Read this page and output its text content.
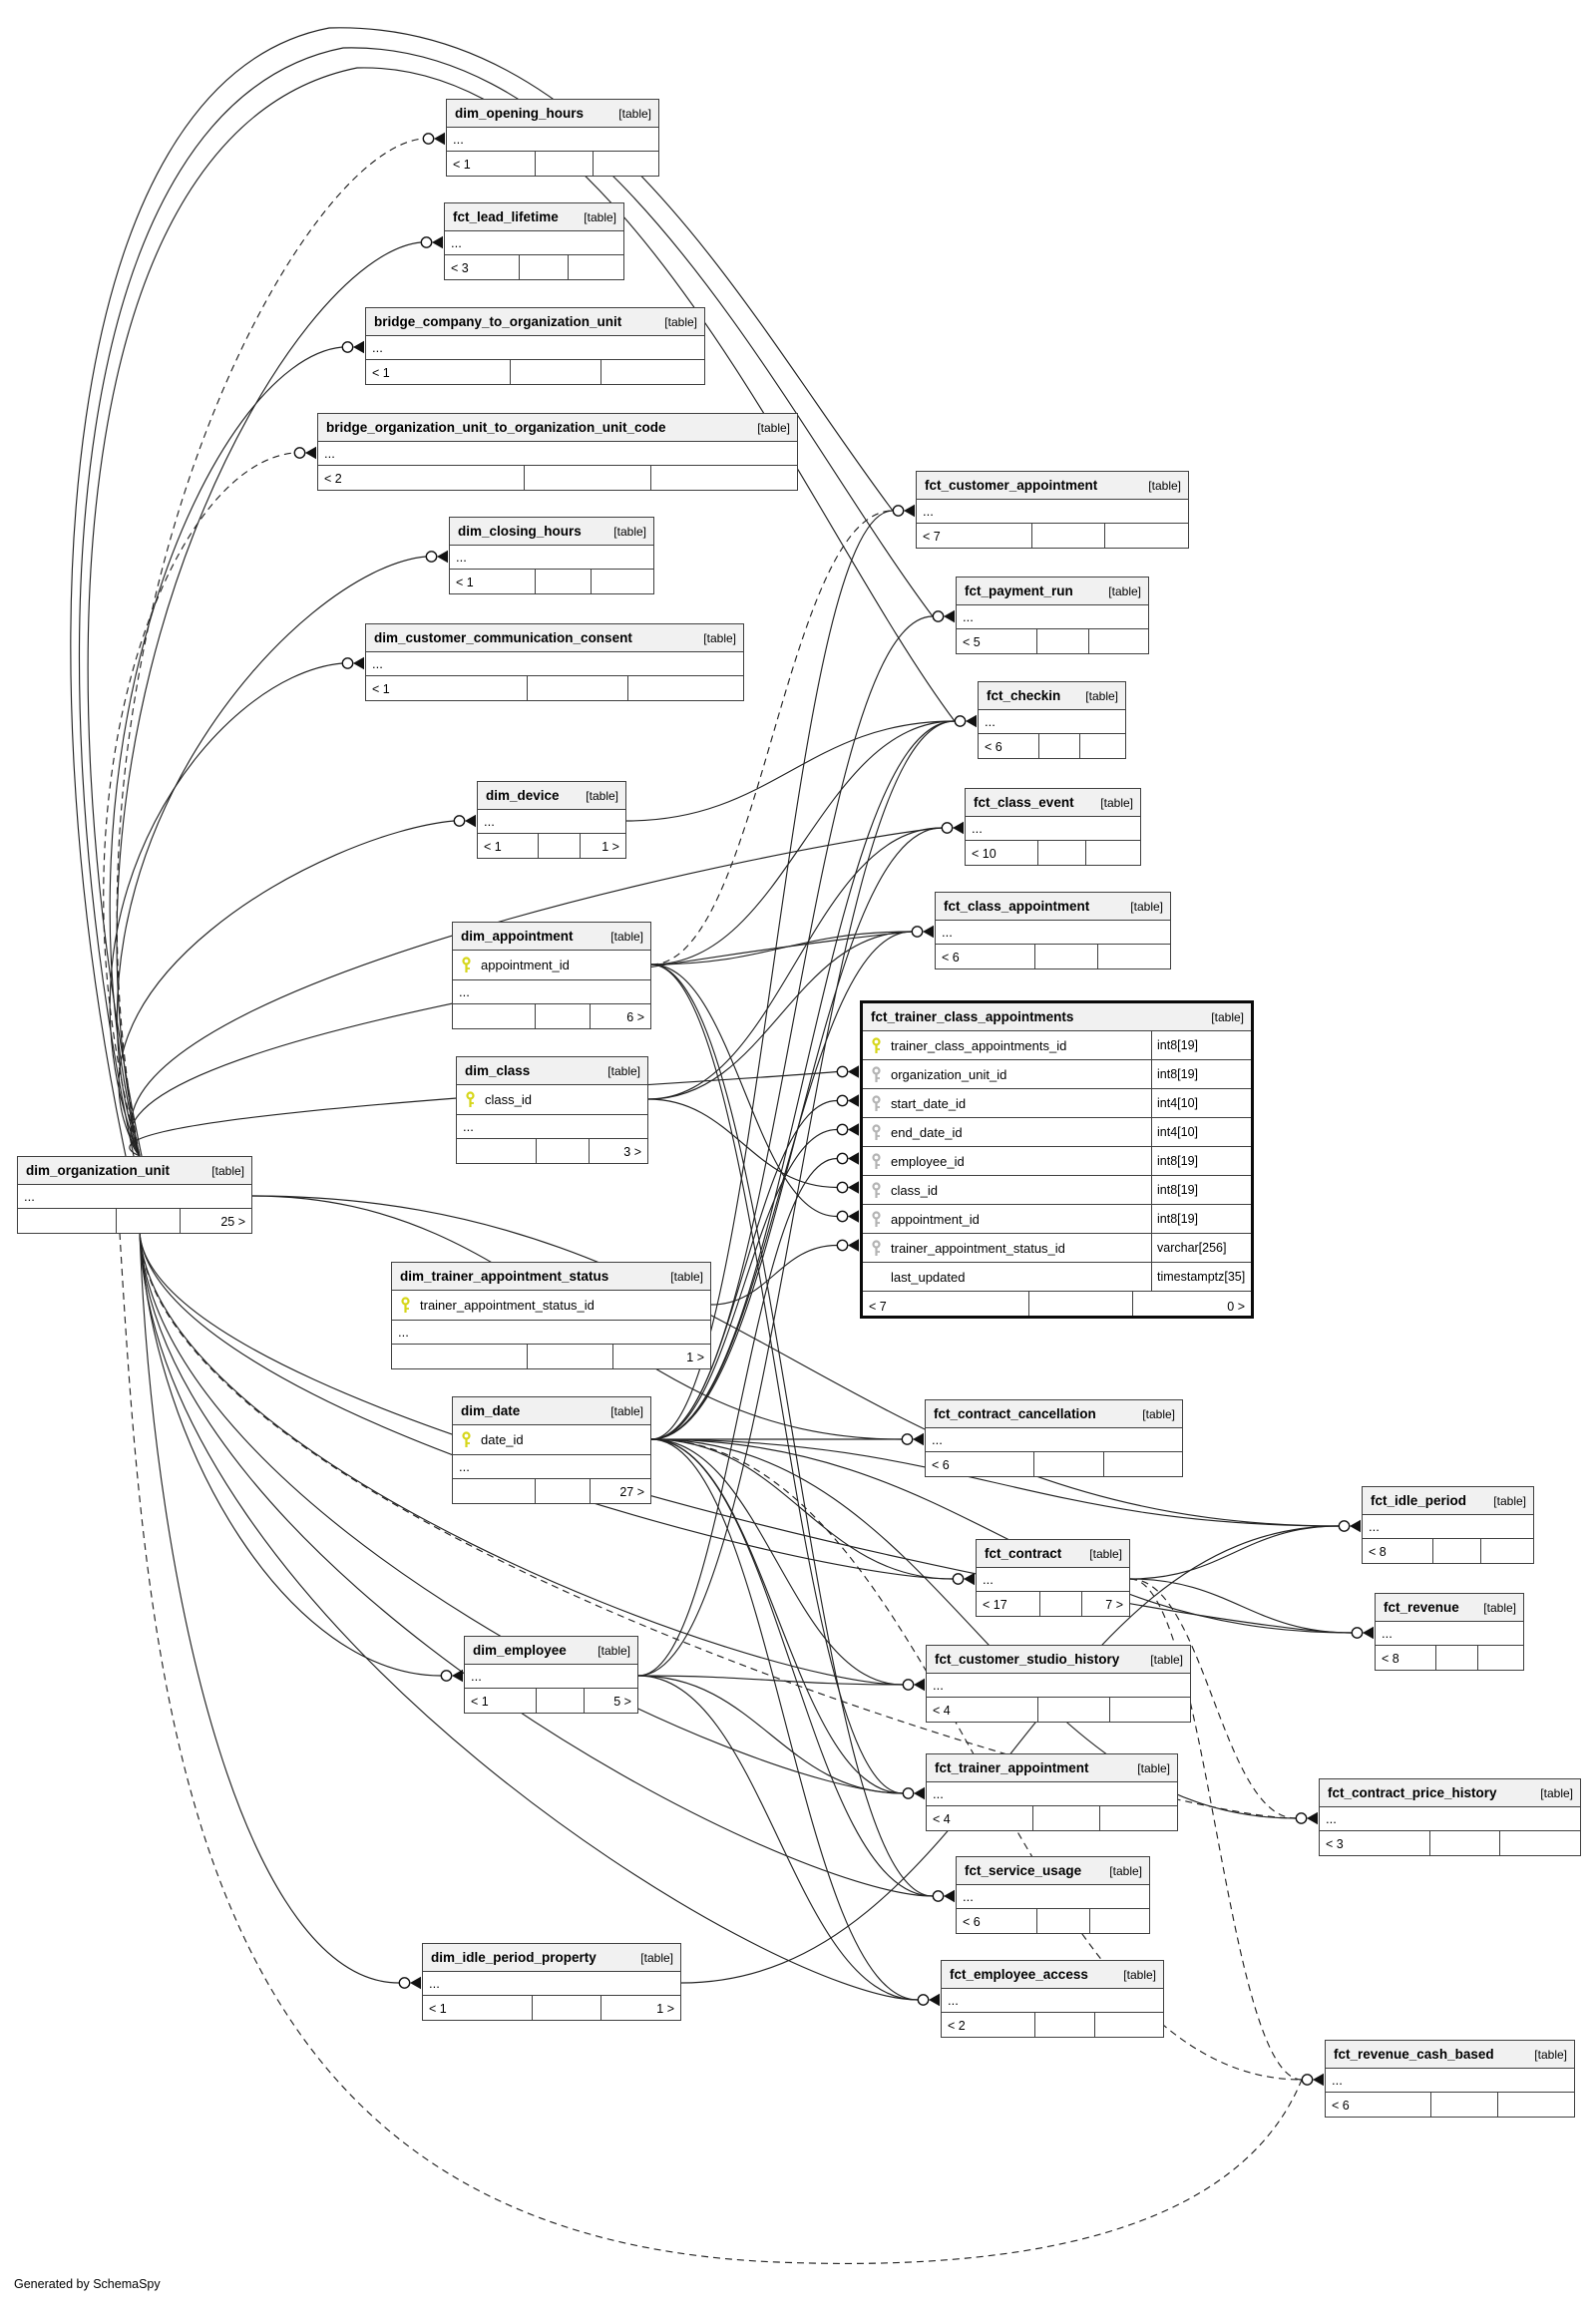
dim_opening_hours	[table]
...
< 1
fct_lead_lifetime	[table]
...
< 3
bridge_company_to_organization_unit	[table]
...
< 1
bridge_organization_unit_to_organization_unit_code	[table]
...
< 2
dim_closing_hours	[table]
...
< 1
dim_customer_communication_consent	[table]
...
< 1
dim_device	[table]
...
< 1	1 >
dim_appointment	[table]
appointment_id
...
6 >
dim_class	[table]
class_id
...
3 >
dim_organization_unit	[table]
...
25 >
dim_trainer_appointment_status	[table]
trainer_appointment_status_id
...
1 >
dim_date	[table]
date_id
...
27 >
fct_customer_appointment	[table]
...
< 7
fct_payment_run	[table]
...
< 5
fct_checkin	[table]
...
< 6
fct_class_event	[table]
...
< 10
fct_class_appointment	[table]
...
< 6
fct_trainer_class_appointments	[table]
trainer_class_appointments_id	int8[19]
organization_unit_id	int8[19]
start_date_id	int4[10]
end_date_id	int4[10]
employee_id	int8[19]
class_id	int8[19]
appointment_id	int8[19]
trainer_appointment_status_id	varchar[256]
last_updated	timestamptz[35]
< 7	0 >
fct_contract_cancellation	[table]
...
< 6
fct_idle_period	[table]
...
< 8
fct_revenue	[table]
...
< 8
fct_contract	[table]
...
< 17	7 >
fct_customer_studio_history	[table]
...
< 4
fct_trainer_appointment	[table]
...
< 4
fct_service_usage	[table]
...
< 6
fct_employee_access	[table]
...
< 2
dim_employee	[table]
...
< 1	5 >
dim_idle_period_property	[table]
...
< 1	1 >
fct_contract_price_history	[table]
...
< 3
fct_revenue_cash_based	[table]
...
< 6
Generated by SchemaSpy
